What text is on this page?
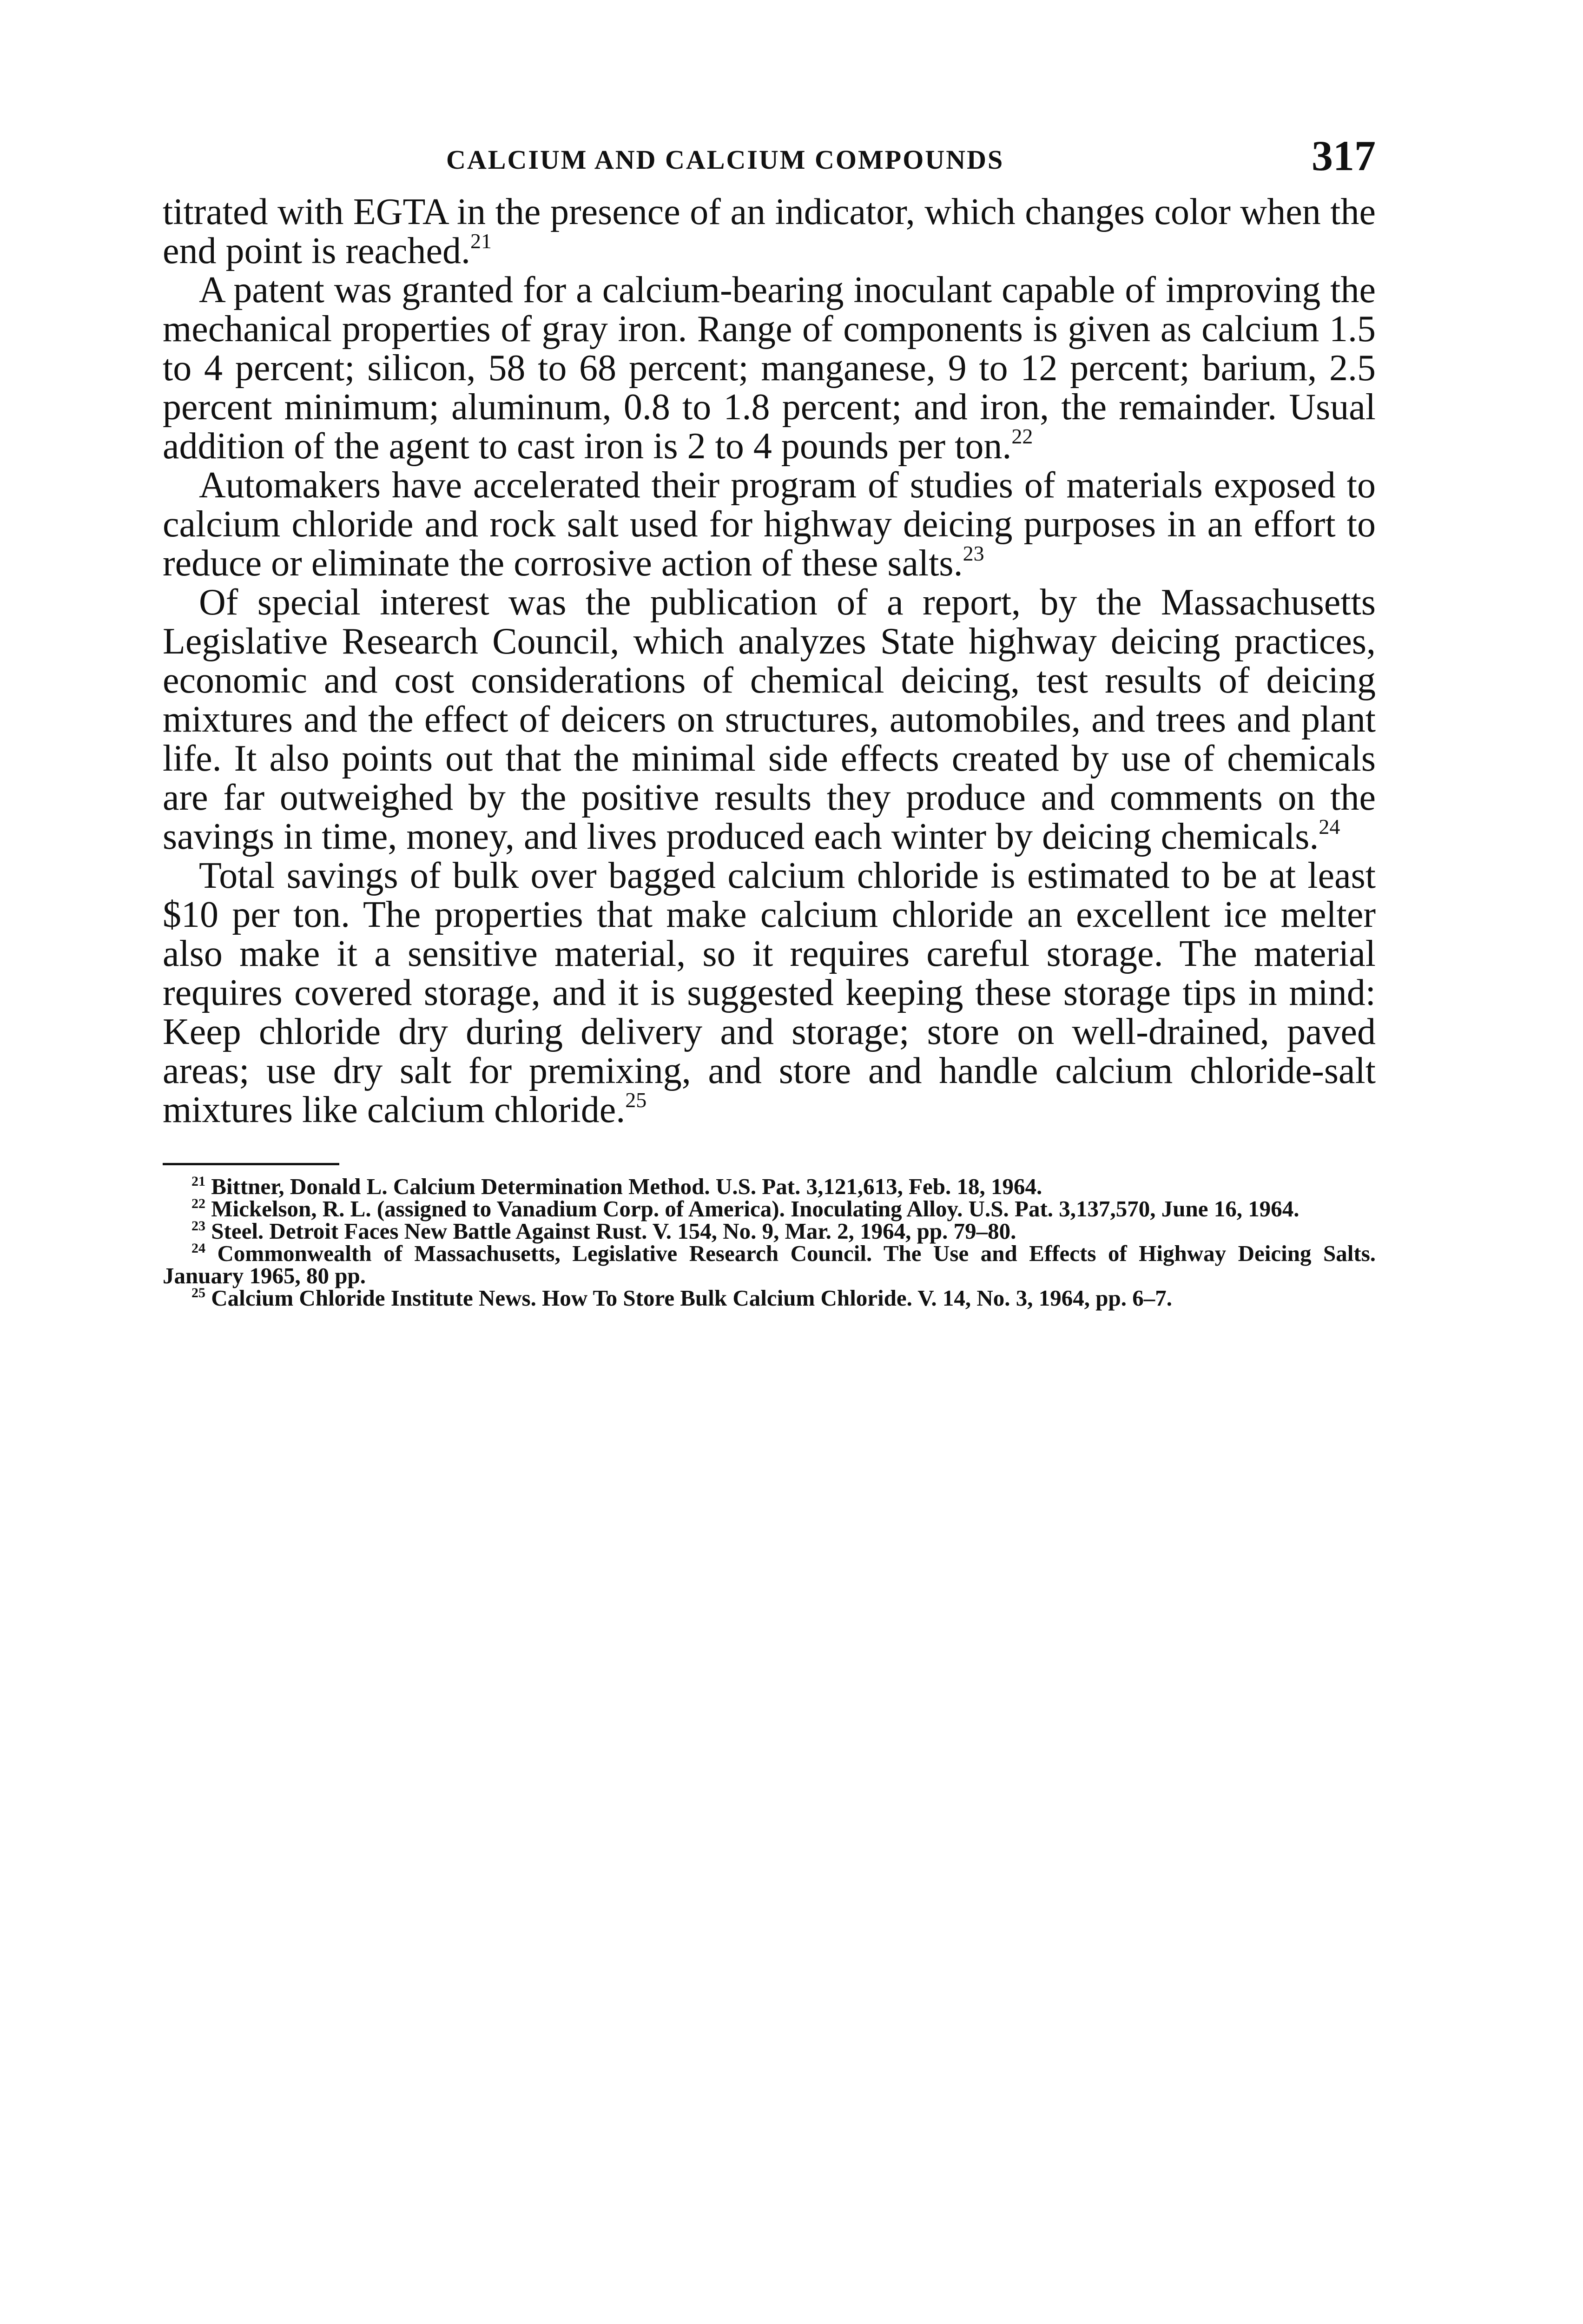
CALCIUM AND CALCIUM COMPOUNDS	317

titrated with EGTA in the presence of an indicator, which changes color when the end point is reached.$^{21}$

A patent was granted for a calcium-bearing inoculant capable of improving the mechanical properties of gray iron. Range of components is given as calcium 1.5 to 4 percent; silicon, 58 to 68 percent; manganese, 9 to 12 percent; barium, 2.5 percent minimum; aluminum, 0.8 to 1.8 percent; and iron, the remainder. Usual addition of the agent to cast iron is 2 to 4 pounds per ton.$^{22}$

Automakers have accelerated their program of studies of materials exposed to calcium chloride and rock salt used for highway deicing purposes in an effort to reduce or eliminate the corrosive action of these salts.$^{23}$

Of special interest was the publication of a report, by the Massachusetts Legislative Research Council, which analyzes State highway deicing practices, economic and cost considerations of chemical deicing, test results of deicing mixtures and the effect of deicers on structures, automobiles, and trees and plant life. It also points out that the minimal side effects created by use of chemicals are far outweighed by the positive results they produce and comments on the savings in time, money, and lives produced each winter by deicing chemicals.$^{24}$

Total savings of bulk over bagged calcium chloride is estimated to be at least $10 per ton. The properties that make calcium chloride an excellent ice melter also make it a sensitive material, so it requires careful storage. The material requires covered storage, and it is suggested keeping these storage tips in mind: Keep chloride dry during delivery and storage; store on well-drained, paved areas; use dry salt for premixing, and store and handle calcium chloride-salt mixtures like calcium chloride.$^{25}$

$^{21}$ Bittner, Donald L. Calcium Determination Method. U.S. Pat. 3,121,613, Feb. 18, 1964.

$^{22}$ Mickelson, R. L. (assigned to Vanadium Corp. of America). Inoculating Alloy. U.S. Pat. 3,137,570, June 16, 1964.

$^{23}$ Steel. Detroit Faces New Battle Against Rust. V. 154, No. 9, Mar. 2, 1964, pp. 79–80.

$^{24}$ Commonwealth of Massachusetts, Legislative Research Council. The Use and Effects of Highway Deicing Salts. January 1965, 80 pp.

$^{25}$ Calcium Chloride Institute News. How To Store Bulk Calcium Chloride. V. 14, No. 3, 1964, pp. 6–7.
